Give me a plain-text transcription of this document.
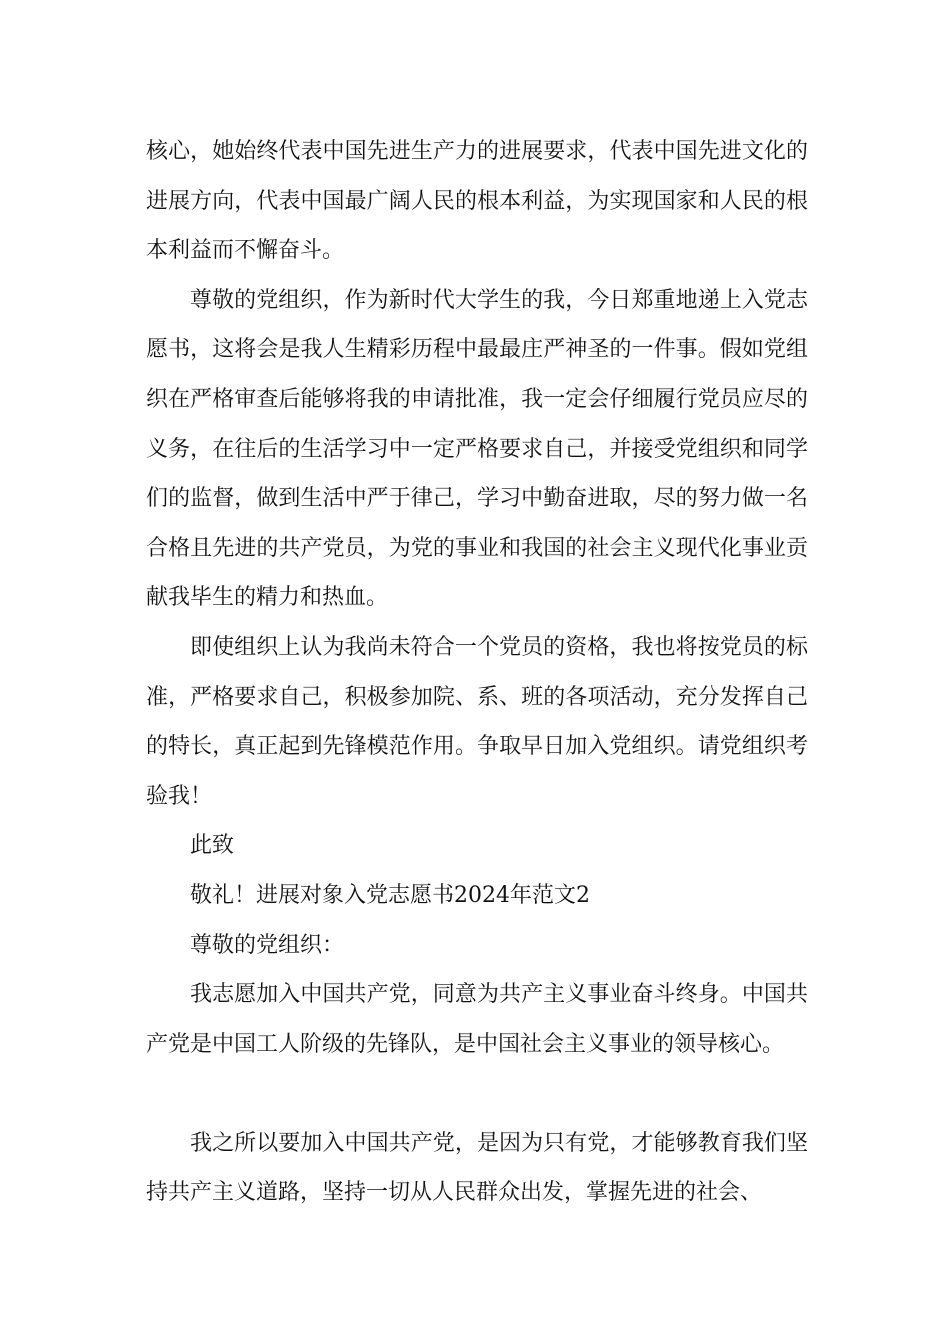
核心，她始终代表中国先进生产力的进展要求，代表中国先进文化的进展方向，代表中国最广阔人民的根本利益，为实现国家和人民的根本利益而不懈奋斗。

尊敬的党组织，作为新时代大学生的我，今日郑重地递上入党志愿书，这将会是我人生精彩历程中最最庄严神圣的一件事。假如党组织在严格审查后能够将我的申请批准，我一定会仔细履行党员应尽的义务，在往后的生活学习中一定严格要求自己，并接受党组织和同学们的监督，做到生活中严于律己，学习中勤奋进取，尽的努力做一名合格且先进的共产党员，为党的事业和我国的社会主义现代化事业贡献我毕生的精力和热血。

即使组织上认为我尚未符合一个党员的资格，我也将按党员的标准，严格要求自己，积极参加院、系、班的各项活动，充分发挥自己的特长，真正起到先锋模范作用。争取早日加入党组织。请党组织考验我！

此致

敬礼！进展对象入党志愿书2024年范文2

尊敬的党组织：

我志愿加入中国共产党，同意为共产主义事业奋斗终身。中国共产党是中国工人阶级的先锋队，是中国社会主义事业的领导核心。

我之所以要加入中国共产党，是因为只有党，才能够教育我们坚持共产主义道路，坚持一切从人民群众出发，掌握先进的社会、
